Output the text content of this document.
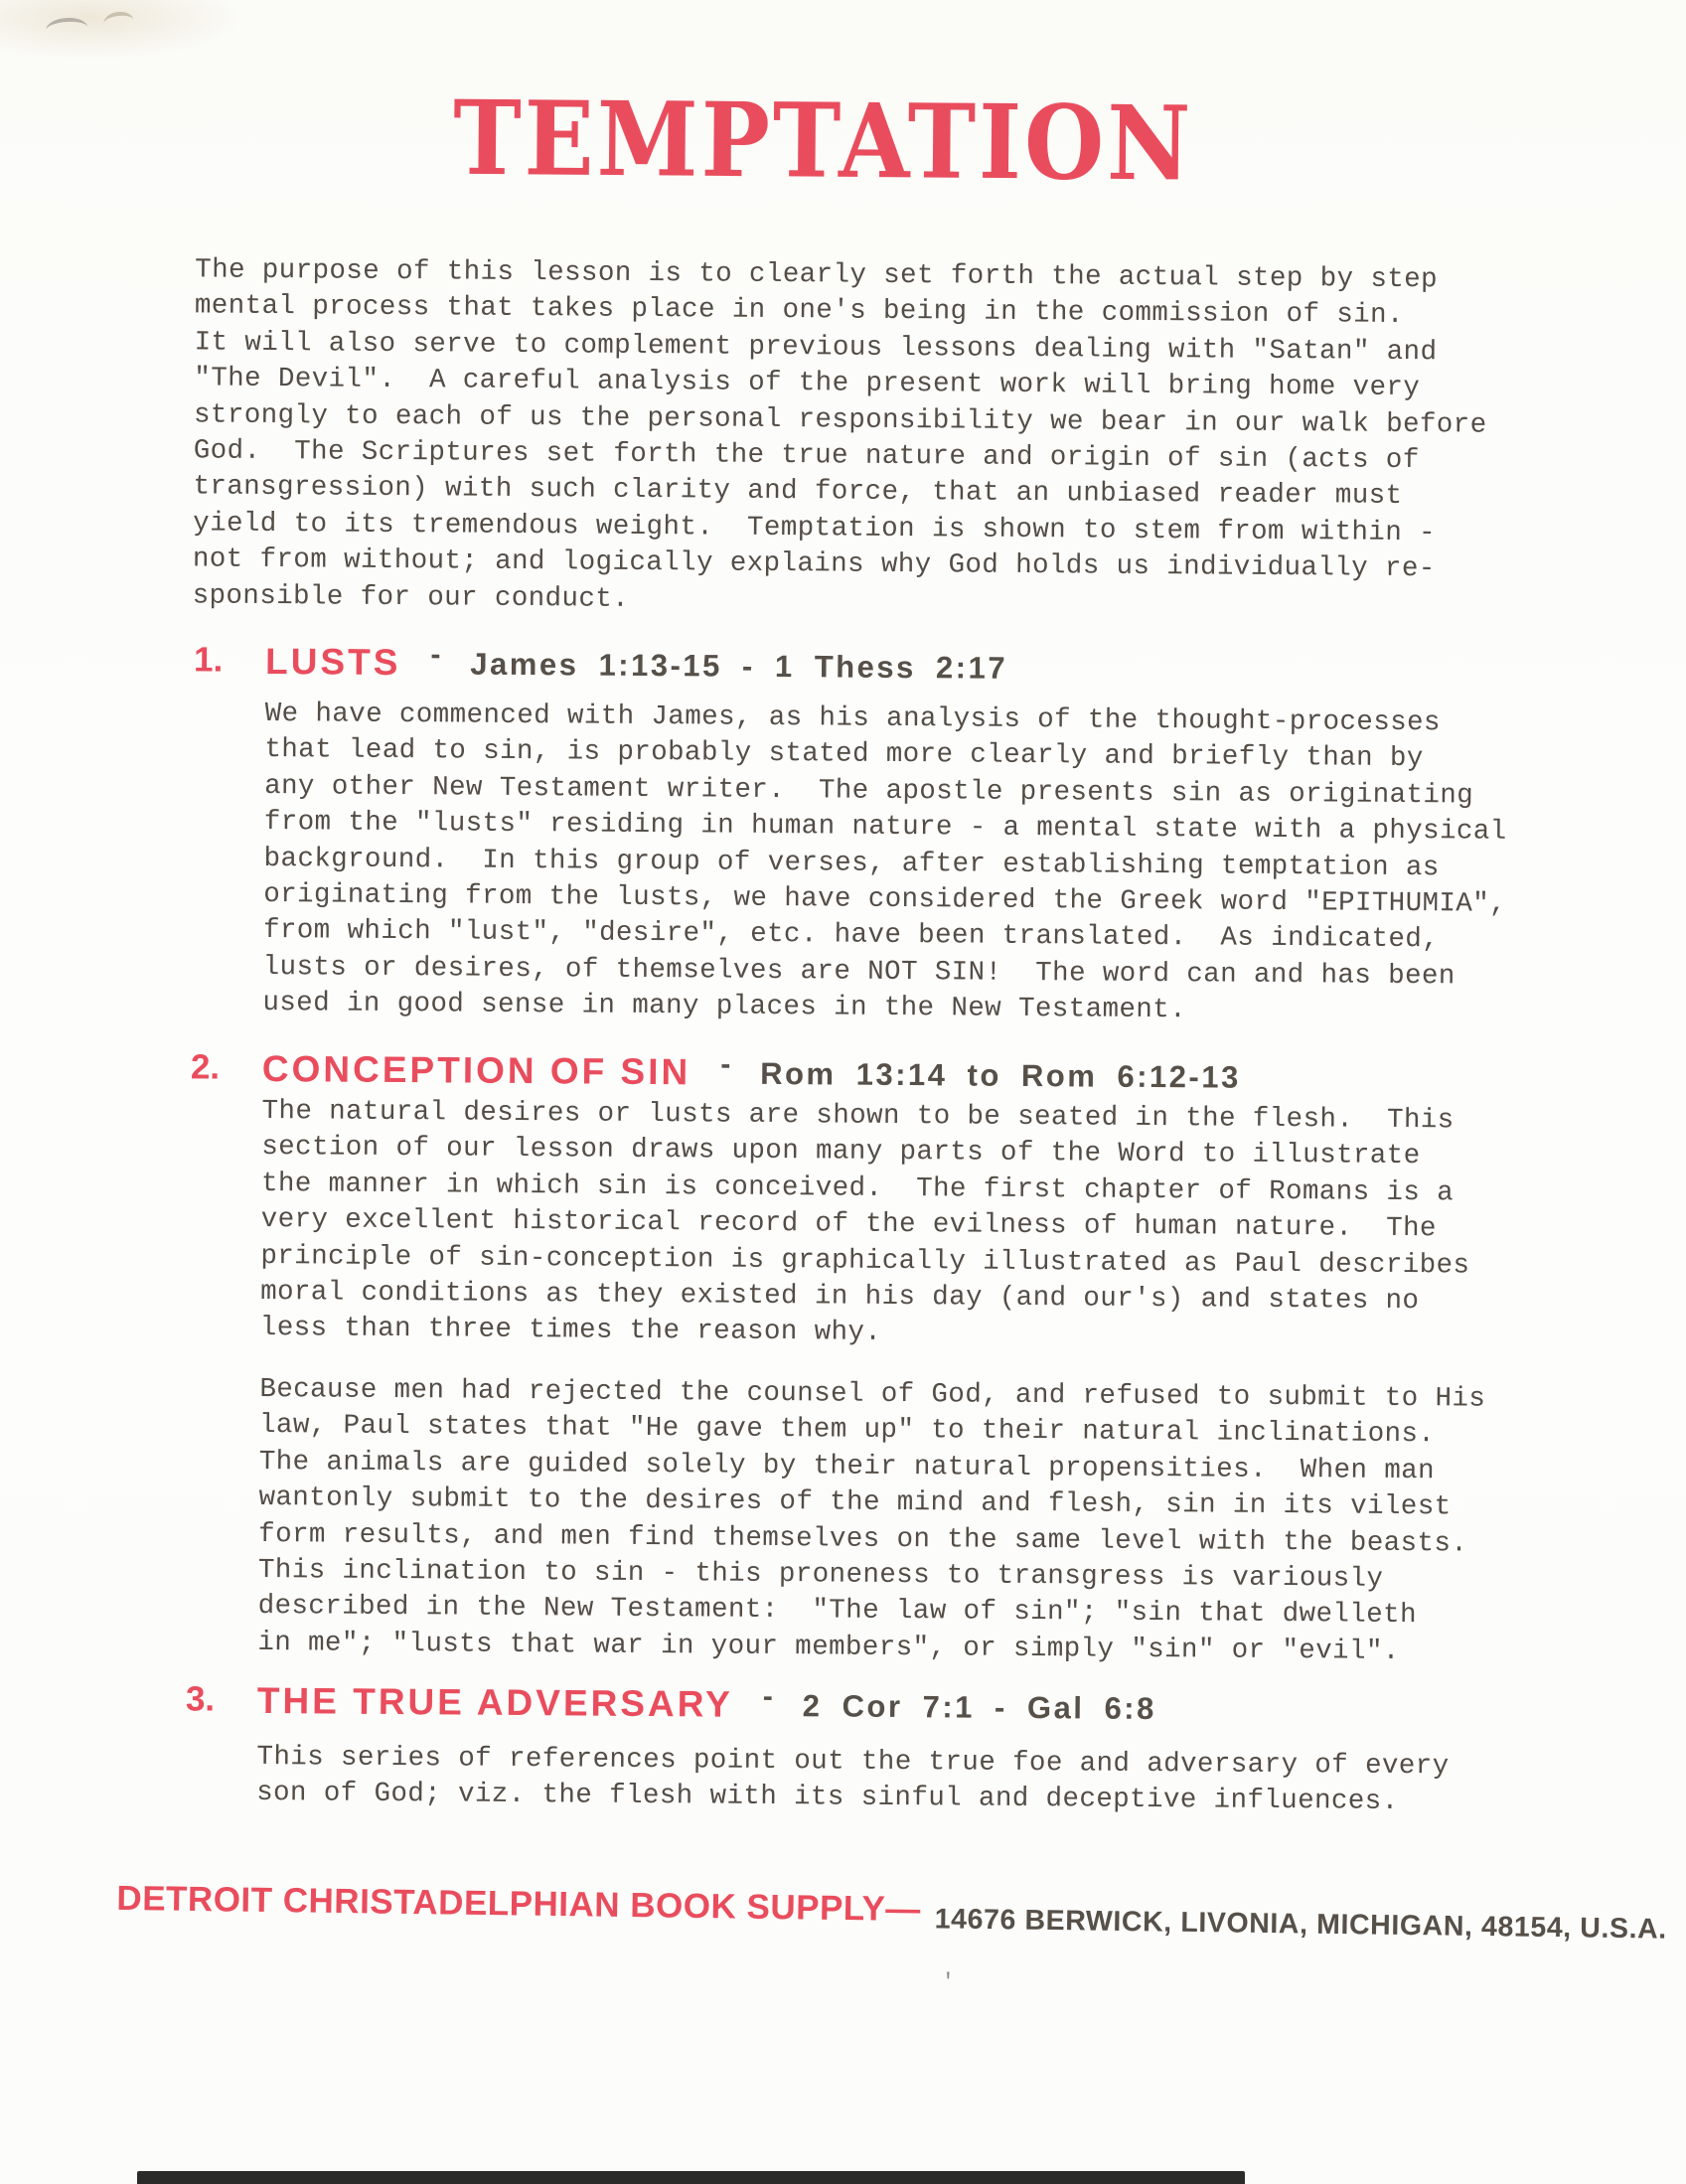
TEMPTATION
The purpose of this lesson is to clearly set forth the actual step by step
mental process that takes place in one's being in the commission of sin.
It will also serve to complement previous lessons dealing with "Satan" and
"The Devil".  A careful analysis of the present work will bring home very
strongly to each of us the personal responsibility we bear in our walk before
God.  The Scriptures set forth the true nature and origin of sin (acts of
transgression) with such clarity and force, that an unbiased reader must
yield to its tremendous weight.  Temptation is shown to stem from within -
not from without; and logically explains why God holds us individually re-
sponsible for our conduct.
1.	LUSTS - James 1:13-15 - 1 Thess 2:17
We have commenced with James, as his analysis of the thought-processes
that lead to sin, is probably stated more clearly and briefly than by
any other New Testament writer.  The apostle presents sin as originating
from the "lusts" residing in human nature - a mental state with a physical
background.  In this group of verses, after establishing temptation as
originating from the lusts, we have considered the Greek word "EPITHUMIA",
from which "lust", "desire", etc. have been translated.  As indicated,
lusts or desires, of themselves are NOT SIN!  The word can and has been
used in good sense in many places in the New Testament.
2.	CONCEPTION OF SIN - Rom 13:14 to Rom 6:12-13
The natural desires or lusts are shown to be seated in the flesh.  This
section of our lesson draws upon many parts of the Word to illustrate
the manner in which sin is conceived.  The first chapter of Romans is a
very excellent historical record of the evilness of human nature.  The
principle of sin-conception is graphically illustrated as Paul describes
moral conditions as they existed in his day (and our's) and states no
less than three times the reason why.
Because men had rejected the counsel of God, and refused to submit to His
law, Paul states that "He gave them up" to their natural inclinations.
The animals are guided solely by their natural propensities.  When man
wantonly submit to the desires of the mind and flesh, sin in its vilest
form results, and men find themselves on the same level with the beasts.
This inclination to sin - this proneness to transgress is variously
described in the New Testament:  "The law of sin"; "sin that dwelleth
in me"; "lusts that war in your members", or simply "sin" or "evil".
3.	THE TRUE ADVERSARY - 2 Cor 7:1 - Gal 6:8
This series of references point out the true foe and adversary of every
son of God; viz. the flesh with its sinful and deceptive influences.
DETROIT CHRISTADELPHIAN BOOK SUPPLY— 14676 BERWICK, LIVONIA, MICHIGAN, 48154, U.S.A.
'
